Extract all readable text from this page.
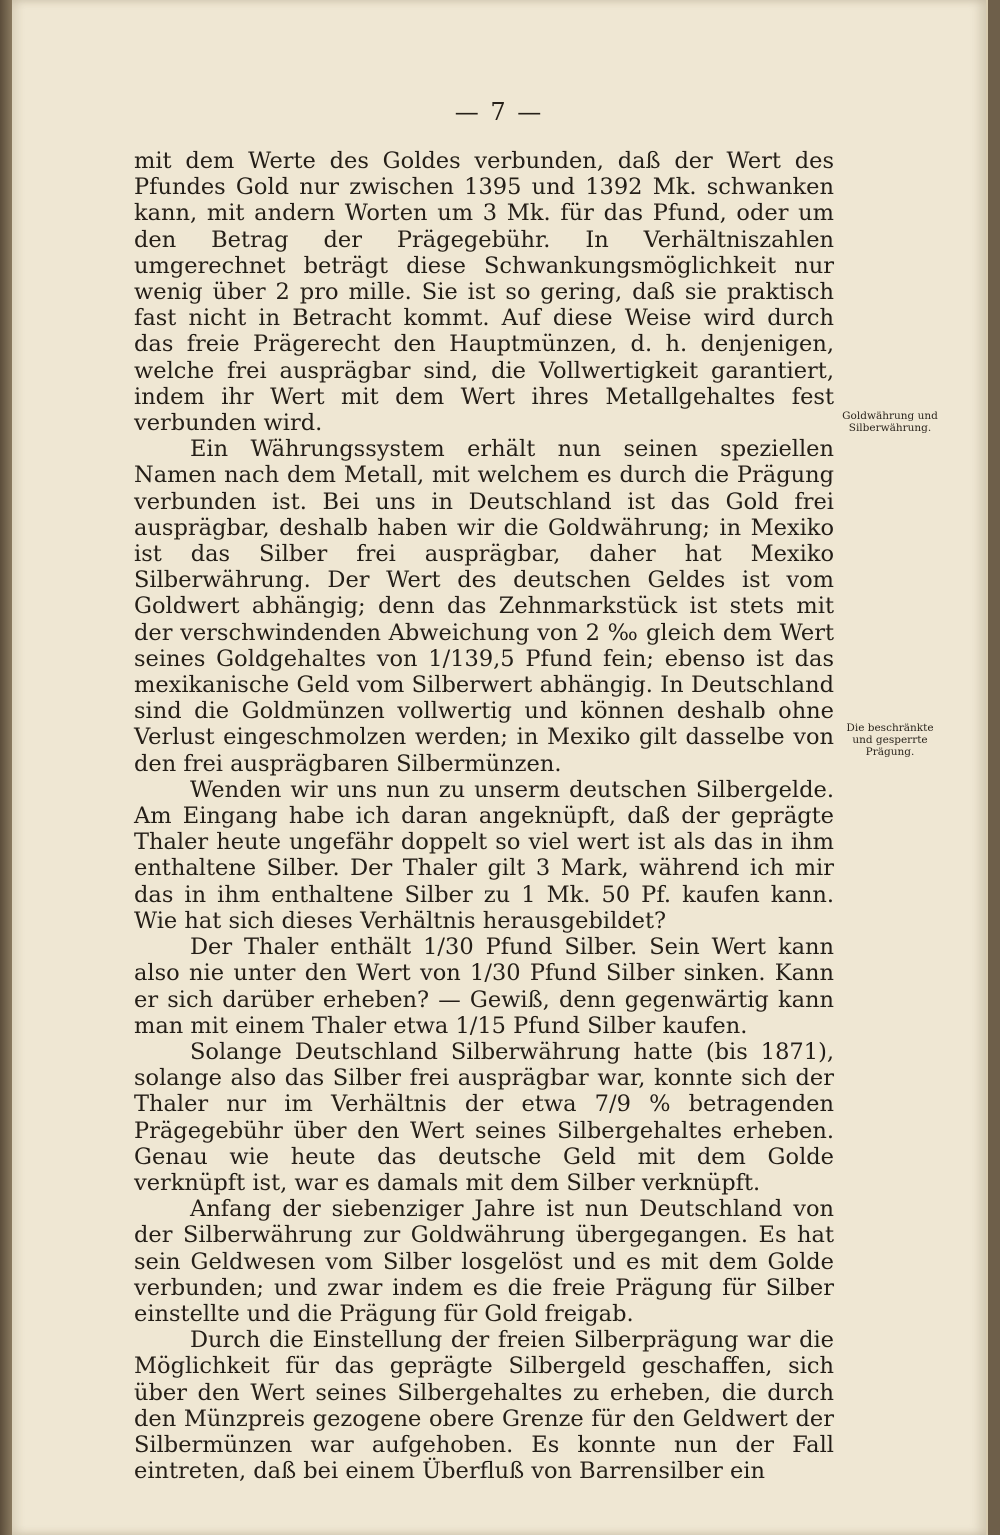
— 7 —

mit dem Werte des Goldes verbunden, daß der Wert des Pfundes Gold nur zwischen 1395 und 1392 Mk. schwanken kann, mit andern Worten um 3 Mk. für das Pfund, oder um den Betrag der Prägegebühr. In Verhältniszahlen umgerechnet beträgt diese Schwankungsmöglichkeit nur wenig über 2 pro mille. Sie ist so gering, daß sie praktisch fast nicht in Betracht kommt. Auf diese Weise wird durch das freie Prägerecht den Hauptmünzen, d. h. denjenigen, welche frei ausprägbar sind, die Vollwertigkeit garantiert, indem ihr Wert mit dem Wert ihres Metallgehaltes fest verbunden wird.

Ein Währungssystem erhält nun seinen speziellen Namen nach dem Metall, mit welchem es durch die Prägung verbunden ist. Bei uns in Deutschland ist das Gold frei ausprägbar, deshalb haben wir die Goldwährung; in Mexiko ist das Silber frei ausprägbar, daher hat Mexiko Silberwährung. Der Wert des deutschen Geldes ist vom Goldwert abhängig; denn das Zehnmarkstück ist stets mit der verschwindenden Abweichung von 2 ‰ gleich dem Wert seines Goldgehaltes von 1/139,5 Pfund fein; ebenso ist das mexikanische Geld vom Silberwert abhängig. In Deutschland sind die Goldmünzen vollwertig und können deshalb ohne Verlust eingeschmolzen werden; in Mexiko gilt dasselbe von den frei ausprägbaren Silbermünzen.

Wenden wir uns nun zu unserm deutschen Silbergelde. Am Eingang habe ich daran angeknüpft, daß der geprägte Thaler heute ungefähr doppelt so viel wert ist als das in ihm enthaltene Silber. Der Thaler gilt 3 Mark, während ich mir das in ihm enthaltene Silber zu 1 Mk. 50 Pf. kaufen kann. Wie hat sich dieses Verhältnis herausgebildet?

Der Thaler enthält 1/30 Pfund Silber. Sein Wert kann also nie unter den Wert von 1/30 Pfund Silber sinken. Kann er sich darüber erheben? — Gewiß, denn gegenwärtig kann man mit einem Thaler etwa 1/15 Pfund Silber kaufen.

Solange Deutschland Silberwährung hatte (bis 1871), solange also das Silber frei ausprägbar war, konnte sich der Thaler nur im Verhältnis der etwa 7/9 % betragenden Prägegebühr über den Wert seines Silbergehaltes erheben. Genau wie heute das deutsche Geld mit dem Golde verknüpft ist, war es damals mit dem Silber verknüpft.

Anfang der siebenziger Jahre ist nun Deutschland von der Silberwährung zur Goldwährung übergegangen. Es hat sein Geldwesen vom Silber losgelöst und es mit dem Golde verbunden; und zwar indem es die freie Prägung für Silber einstellte und die Prägung für Gold freigab.

Durch die Einstellung der freien Silberprägung war die Möglichkeit für das geprägte Silbergeld geschaffen, sich über den Wert seines Silbergehaltes zu erheben, die durch den Münzpreis gezogene obere Grenze für den Geldwert der Silbermünzen war aufgehoben. Es konnte nun der Fall eintreten, daß bei einem Überfluß von Barrensilber ein

Goldwährung und Silberwährung.
Die beschränkte und gesperrte Prägung.
